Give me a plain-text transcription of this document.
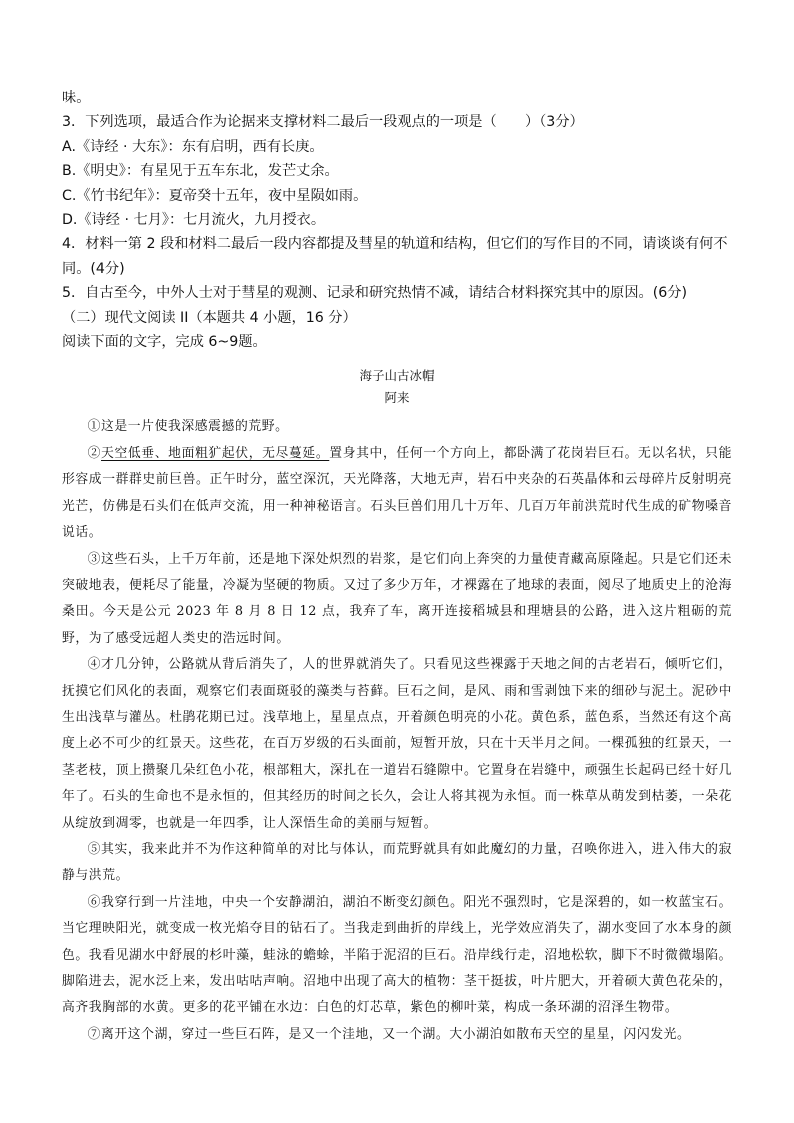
味。

3．下列选项，最适合作为论据来支撑材料二最后一段观点的一项是（　　）（3分）

A.《诗经 · 大东》：东有启明，西有长庚。

B.《明史》：有星见于五车东北，发芒丈余。

C.《竹书纪年》：夏帝癸十五年，夜中星陨如雨。

D.《诗经 · 七月》：七月流火，九月授衣。

4．材料一第 2 段和材料二最后一段内容都提及彗星的轨道和结构，但它们的写作目的不同，请谈谈有何不同。(4分)

5．自古至今，中外人士对于彗星的观测、记录和研究热情不减，请结合材料探究其中的原因。(6分)

（二）现代文阅读 II（本题共 4 小题，16 分）

阅读下面的文字，完成 6~9题。

海子山古冰帽

阿来

①这是一片使我深感震撼的荒野。

②天空低垂、地面粗犷起伏，无尽蔓延。置身其中，任何一个方向上，都卧满了花岗岩巨石。无以名状，只能形容成一群群史前巨兽。正午时分，蓝空深沉，天光降落，大地无声，岩石中夹杂的石英晶体和云母碎片反射明亮光芒，仿佛是石头们在低声交流，用一种神秘语言。石头巨兽们用几十万年、几百万年前洪荒时代生成的矿物嗓音说话。

③这些石头，上千万年前，还是地下深处炽烈的岩浆，是它们向上奔突的力量使青藏高原隆起。只是它们还未突破地表，便耗尽了能量，冷凝为坚硬的物质。又过了多少万年，才裸露在了地球的表面，阅尽了地质史上的沧海桑田。今天是公元 2023 年 8 月 8 日 12 点，我弃了车，离开连接稻城县和理塘县的公路，进入这片粗砺的荒野，为了感受远超人类史的浩远时间。

④才几分钟，公路就从背后消失了，人的世界就消失了。只看见这些裸露于天地之间的古老岩石，倾听它们，抚摸它们风化的表面，观察它们表面斑驳的藻类与苔藓。巨石之间，是风、雨和雪剥蚀下来的细砂与泥土。泥砂中生出浅草与灌丛。杜鹃花期已过。浅草地上，星星点点，开着颜色明亮的小花。黄色系，蓝色系，当然还有这个高度上必不可少的红景天。这些花，在百万岁级的石头面前，短暂开放，只在十天半月之间。一棵孤独的红景天，一茎老枝，顶上攒聚几朵红色小花，根部粗大，深扎在一道岩石缝隙中。它置身在岩缝中，顽强生长起码已经十好几年了。石头的生命也不是永恒的，但其经历的时间之长久，会让人将其视为永恒。而一株草从萌发到枯萎，一朵花从绽放到凋零，也就是一年四季，让人深悟生命的美丽与短暂。

⑤其实，我来此并不为作这种简单的对比与体认，而荒野就具有如此魔幻的力量，召唤你进入，进入伟大的寂静与洪荒。

⑥我穿行到一片洼地，中央一个安静湖泊，湖泊不断变幻颜色。阳光不强烈时，它是深碧的，如一枚蓝宝石。当它理映阳光，就变成一枚光焰夺目的钻石了。当我走到曲折的岸线上，光学效应消失了，湖水变回了水本身的颜色。我看见湖水中舒展的杉叶藻，蛙泳的蟾蜍，半陷于泥沼的巨石。沿岸线行走，沼地松软，脚下不时微微塌陷。脚陷进去，泥水泛上来，发出咕咕声响。沼地中出现了高大的植物：茎干挺拔，叶片肥大，开着硕大黄色花朵的，高齐我胸部的水黄。更多的花平铺在水边：白色的灯芯草，紫色的柳叶菜，构成一条环湖的沼泽生物带。

⑦离开这个湖，穿过一些巨石阵，是又一个洼地，又一个湖。大小湖泊如散布天空的星星，闪闪发光。
